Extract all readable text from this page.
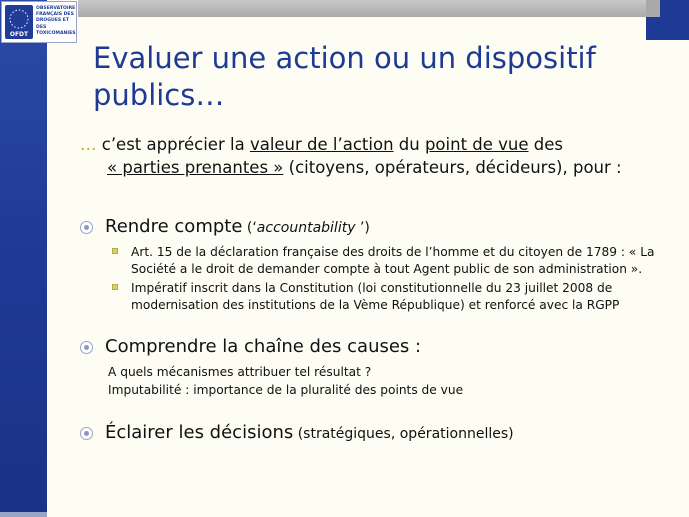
OFDT
OBSERVATOIRE
FRANÇAIS DES
DROGUES ET DES
TOXICOMANIES
Evaluer une action ou un dispositif publics…
… c’est apprécier la valeur de l’action du point de vue des
« parties prenantes » (citoyens, opérateurs, décideurs), pour :
Rendre compte (‘accountability ’)
Art. 15 de la déclaration française des droits de l’homme et du citoyen de 1789 : « La Société a le droit de demander compte à tout Agent public de son administration ».
Impératif inscrit dans la Constitution (loi constitutionnelle du 23 juillet 2008 de modernisation des institutions de la Vème République) et renforcé avec la RGPP
Comprendre la chaîne des causes :
A quels mécanismes attribuer tel résultat ?
Imputabilité : importance de la pluralité des points de vue
Éclairer les décisions (stratégiques, opérationnelles)
